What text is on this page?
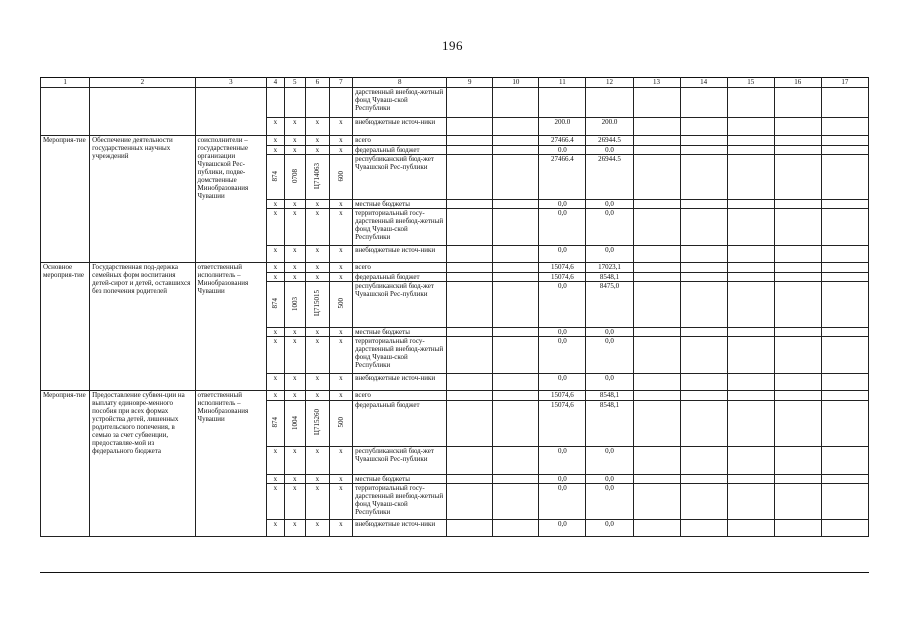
196
1	2	3	4	5	6	7	8	9	10	11	12	13	14	15	16	17
							дарственный внебюд-жетный фонд Чуваш-ской Республики									
			x	x	x	x	внебюджетные источ-ники			200.0	200.0					
Мероприя-тие	Обеспечение деятельности государственных научных учреждений	соисполнители – государственные организации Чувашской Рес-публики, подве-домственные Минобразования Чувашии	x	x	x	x	всего			27466.4	26944.5					
			x	x	x	x	федеральный бюджет			0.0	0.0					
			874	0708	Ц714063	600	республиканский бюд-жет Чувашской Рес-публики			27466.4	26944.5					
			x	x	x	x	местные бюджеты			0,0	0,0					
			x	x	x	x	территориальный госу-дарственный внебюд-жетный фонд Чуваш-ской Республики			0,0	0,0					
			x	x	x	x	внебюджетные источ-ники			0,0	0,0					
Основное мероприя-тие	Государственная под-держка семейных форм воспитания детей-сирот и детей, оставшихся без попечения родителей	ответственный исполнитель – Минобразования Чувашии	x	x	x	x	всего			15074,6	17023,1					
			x	x	x	x	федеральный бюджет			15074,6	8548,1					
			874	1003	Ц715015	500	республиканский бюд-жет Чувашской Рес-публики			0,0	8475,0					
			x	x	x	x	местные бюджеты			0,0	0,0					
			x	x	x	x	территориальный госу-дарственный внебюд-жетный фонд Чуваш-ской Республики			0,0	0,0					
			x	x	x	x	внебюджетные источ-ники			0,0	0,0					
Мероприя-тие	Предоставление субвен-ции на выплату единовре-менного пособия при всех формах устройства детей, лишенных родительского попечения, в семью за счет субвенции, предоставляе-мой из федерального бюджета	ответственный исполнитель – Минобразования Чувашии	x	x	x	x	всего			15074,6	8548,1					
			874	1004	Ц715260	500	федеральный бюджет			15074,6	8548,1					
			x	x	x	x	республиканский бюд-жет Чувашской Рес-публики			0,0	0,0					
			x	x	x	x	местные бюджеты			0,0	0,0					
			x	x	x	x	территориальный госу-дарственный внебюд-жетный фонд Чуваш-ской Республики			0,0	0,0					
			x	x	x	x	внебюджетные источ-ники			0,0	0,0					
